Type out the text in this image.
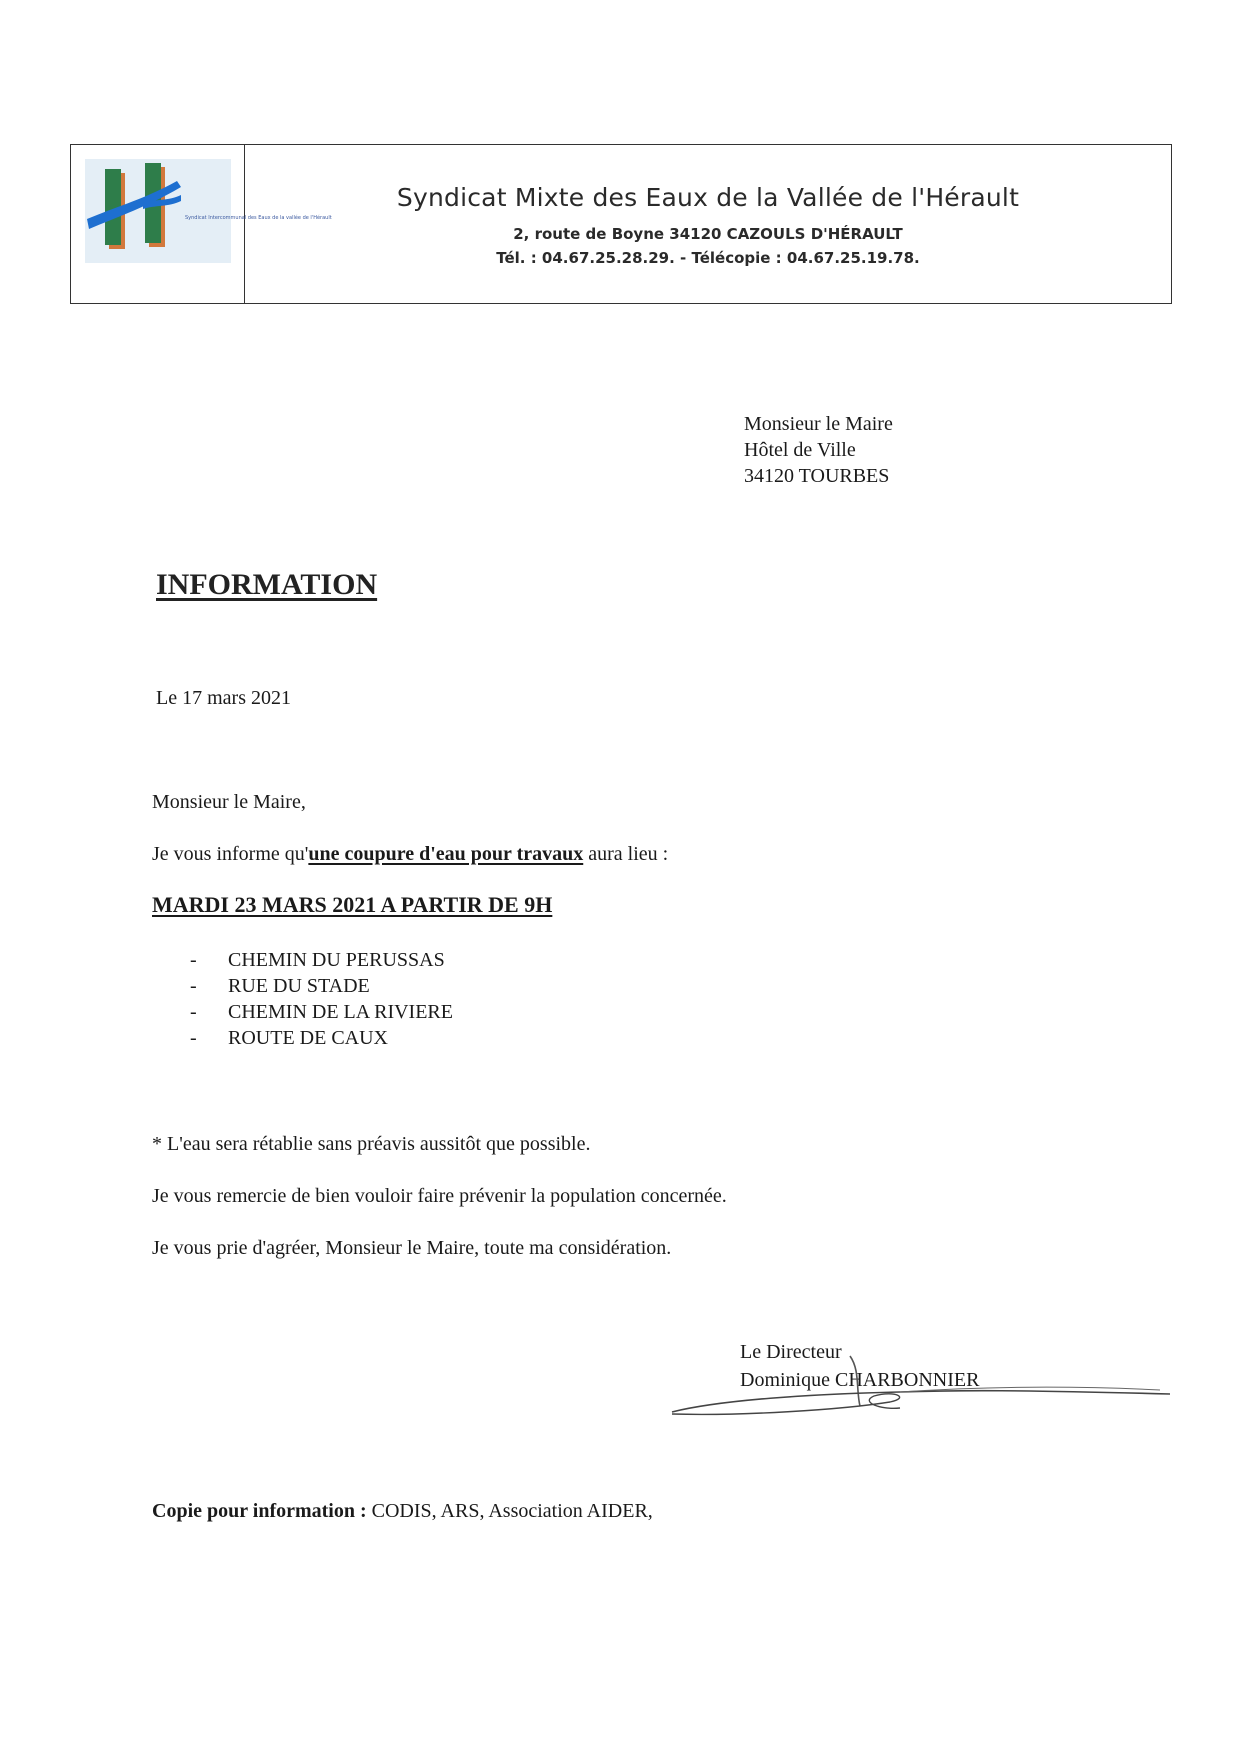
Syndicat Intercommunal des Eaux de la vallée de l'Hérault
Syndicat Mixte des Eaux de la Vallée de l'Hérault
2, route de Boyne 34120 CAZOULS D'HÉRAULT
Tél. : 04.67.25.28.29. - Télécopie : 04.67.25.19.78.
Monsieur le Maire
Hôtel de Ville
34120 TOURBES
INFORMATION
Le 17 mars 2021
Monsieur le Maire,
Je vous informe qu'une coupure d'eau pour travaux aura lieu :
MARDI 23 MARS 2021 A PARTIR DE 9H
- CHEMIN DU PERUSSAS
- RUE DU STADE
- CHEMIN DE LA RIVIERE
- ROUTE DE CAUX
* L'eau sera rétablie sans préavis aussitôt que possible.
Je vous remercie de bien vouloir faire prévenir la population concernée.
Je vous prie d'agréer, Monsieur le Maire, toute ma considération.
Le Directeur
Dominique CHARBONNIER
Copie pour information : CODIS, ARS, Association AIDER,
